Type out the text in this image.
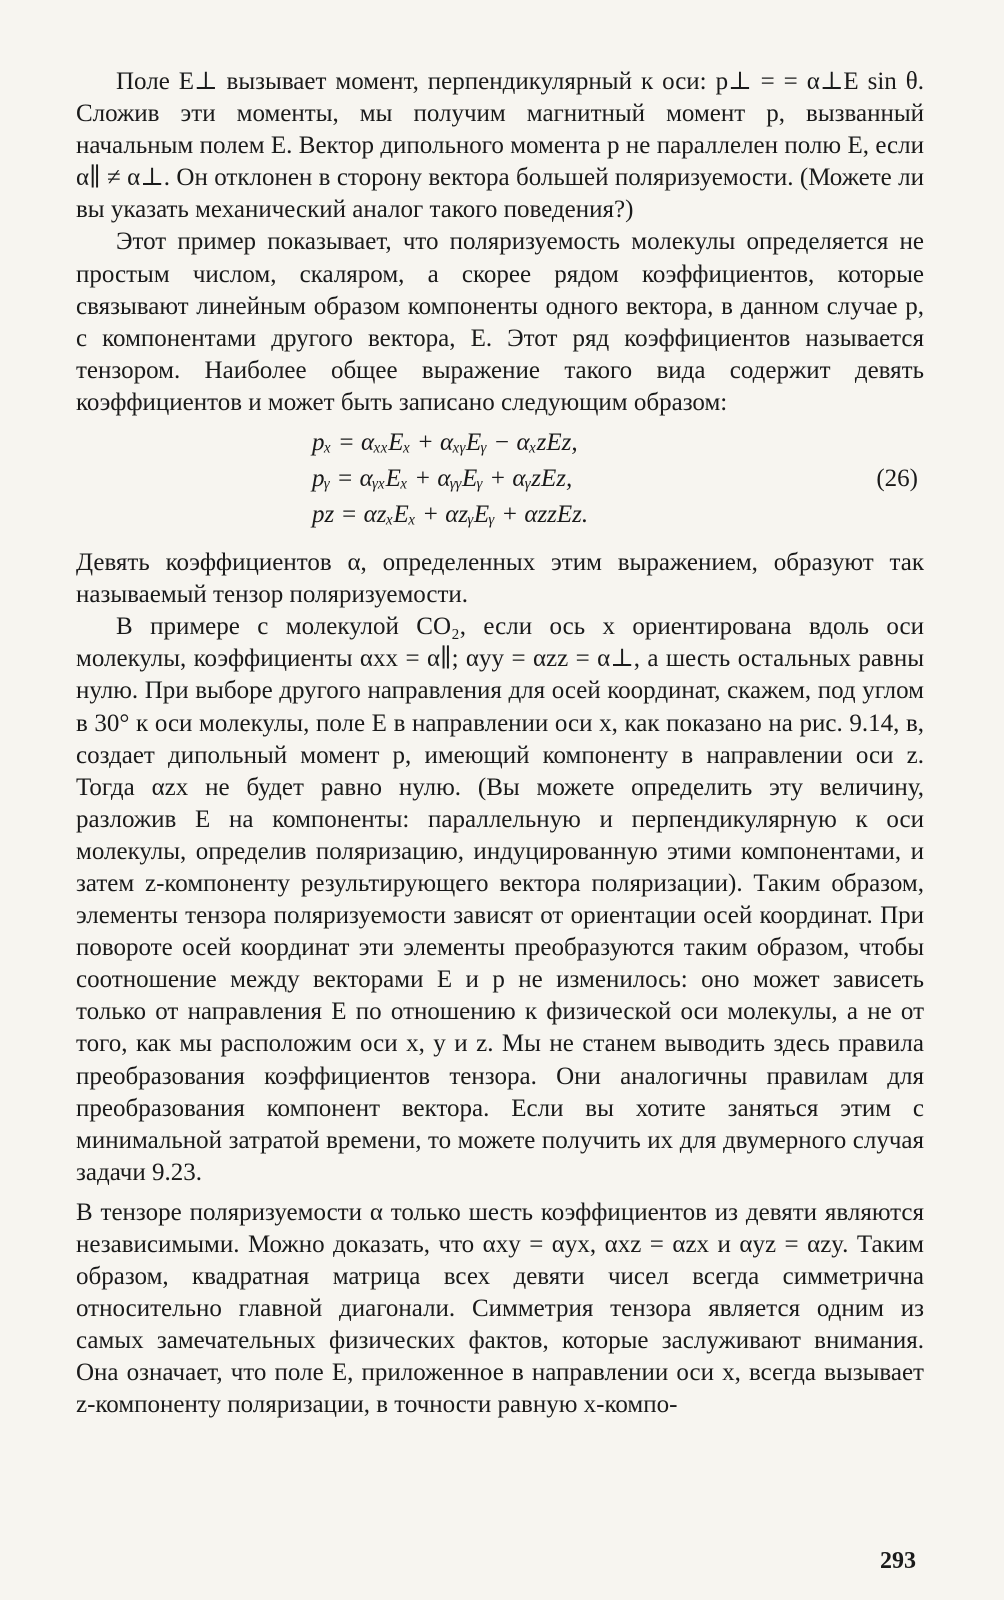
Поле E⊥ вызывает момент, перпендикулярный к оси: p⊥ = = α⊥E sin θ. Сложив эти моменты, мы получим магнитный момент p, вызванный начальным полем E. Вектор дипольного момента p не параллелен полю E, если α∥ ≠ α⊥. Он отклонен в сторону вектора большей поляризуемости. (Можете ли вы указать механический аналог такого поведения?)

Этот пример показывает, что поляризуемость молекулы определяется не простым числом, скаляром, а скорее рядом коэффициентов, которые связывают линейным образом компоненты одного вектора, в данном случае p, с компонентами другого вектора, E. Этот ряд коэффициентов называется тензором. Наиболее общее выражение такого вида содержит девять коэффициентов и может быть записано следующим образом:

pₓ = αₓₓEₓ + αₓᵧEᵧ − αₓzEz,
pᵧ = αᵧₓEₓ + αᵧᵧEᵧ + αᵧzEz,
pz = αzₓEₓ + αzᵧEᵧ + αzzEz.
(26)

Девять коэффициентов α, определенных этим выражением, образуют так называемый тензор поляризуемости.

В примере с молекулой CO₂, если ось x ориентирована вдоль оси молекулы, коэффициенты αxx = α∥; αyy = αzz = α⊥, а шесть остальных равны нулю. При выборе другого направления для осей координат, скажем, под углом в 30° к оси молекулы, поле E в направлении оси x, как показано на рис. 9.14, в, создает дипольный момент p, имеющий компоненту в направлении оси z. Тогда αzx не будет равно нулю. (Вы можете определить эту величину, разложив E на компоненты: параллельную и перпендикулярную к оси молекулы, определив поляризацию, индуцированную этими компонентами, и затем z-компоненту результирующего вектора поляризации). Таким образом, элементы тензора поляризуемости зависят от ориентации осей координат. При повороте осей координат эти элементы преобразуются таким образом, чтобы соотношение между векторами E и p не изменилось: оно может зависеть только от направления E по отношению к физической оси молекулы, а не от того, как мы расположим оси x, y и z. Мы не станем выводить здесь правила преобразования коэффициентов тензора. Они аналогичны правилам для преобразования компонент вектора. Если вы хотите заняться этим с минимальной затратой времени, то можете получить их для двумерного случая задачи 9.23.

В тензоре поляризуемости α только шесть коэффициентов из девяти являются независимыми. Можно доказать, что αxy = αyx, αxz = αzx и αyz = αzy. Таким образом, квадратная матрица всех девяти чисел всегда симметрична относительно главной диагонали. Симметрия тензора является одним из самых замечательных физических фактов, которые заслуживают внимания. Она означает, что поле E, приложенное в направлении оси x, всегда вызывает z-компоненту поляризации, в точности равную x-компо-

293
